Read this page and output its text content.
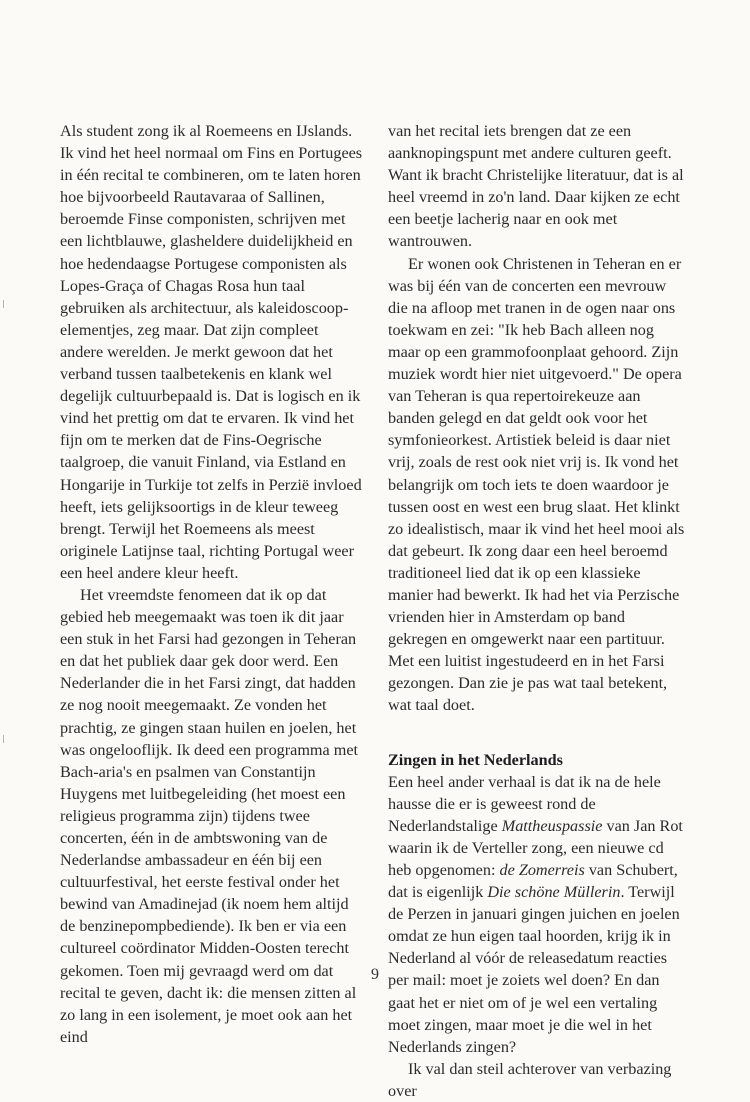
Als student zong ik al Roemeens en IJslands. Ik vind het heel normaal om Fins en Portugees in één recital te combineren, om te laten horen hoe bijvoorbeeld Rautavaraa of Sallinen, beroemde Finse componisten, schrijven met een lichtblauwe, glasheldere duidelijkheid en hoe hedendaagse Portugese componisten als Lopes-Graça of Chagas Rosa hun taal gebruiken als architectuur, als kaleidoscoop-elementjes, zeg maar. Dat zijn compleet andere werelden. Je merkt gewoon dat het verband tussen taalbetekenis en klank wel degelijk cultuurbepaald is. Dat is logisch en ik vind het prettig om dat te ervaren. Ik vind het fijn om te merken dat de Fins-Oegrische taalgroep, die vanuit Finland, via Estland en Hongarije in Turkije tot zelfs in Perzië invloed heeft, iets gelijksoortigs in de kleur teweeg brengt. Terwijl het Roemeens als meest originele Latijnse taal, richting Portugal weer een heel andere kleur heeft.

Het vreemdste fenomeen dat ik op dat gebied heb meegemaakt was toen ik dit jaar een stuk in het Farsi had gezongen in Teheran en dat het publiek daar gek door werd. Een Nederlander die in het Farsi zingt, dat hadden ze nog nooit meegemaakt. Ze vonden het prachtig, ze gingen staan huilen en joelen, het was ongelooflijk. Ik deed een programma met Bach-aria's en psalmen van Constantijn Huygens met luitbegeleiding (het moest een religieus programma zijn) tijdens twee concerten, één in de ambtswoning van de Nederlandse ambassadeur en één bij een cultuurfestival, het eerste festival onder het bewind van Amadinejad (ik noem hem altijd de benzinepompbediende). Ik ben er via een cultureel coördinator Midden-Oosten terecht gekomen. Toen mij gevraagd werd om dat recital te geven, dacht ik: die mensen zitten al zo lang in een isolement, je moet ook aan het eind

van het recital iets brengen dat ze een aanknopingspunt met andere culturen geeft. Want ik bracht Christelijke literatuur, dat is al heel vreemd in zo'n land. Daar kijken ze echt een beetje lacherig naar en ook met wantrouwen.

Er wonen ook Christenen in Teheran en er was bij één van de concerten een mevrouw die na afloop met tranen in de ogen naar ons toekwam en zei: "Ik heb Bach alleen nog maar op een grammofoonplaat gehoord. Zijn muziek wordt hier niet uitgevoerd." De opera van Teheran is qua repertoirekeuze aan banden gelegd en dat geldt ook voor het symfonieorkest. Artistiek beleid is daar niet vrij, zoals de rest ook niet vrij is. Ik vond het belangrijk om toch iets te doen waardoor je tussen oost en west een brug slaat. Het klinkt zo idealistisch, maar ik vind het heel mooi als dat gebeurt. Ik zong daar een heel beroemd traditioneel lied dat ik op een klassieke manier had bewerkt. Ik had het via Perzische vrienden hier in Amsterdam op band gekregen en omgewerkt naar een partituur. Met een luitist ingestudeerd en in het Farsi gezongen. Dan zie je pas wat taal betekent, wat taal doet.

Zingen in het Nederlands

Een heel ander verhaal is dat ik na de hele hausse die er is geweest rond de Nederlandstalige Mattheuspassie van Jan Rot waarin ik de Verteller zong, een nieuwe cd heb opgenomen: de Zomerreis van Schubert, dat is eigenlijk Die schöne Müllerin. Terwijl de Perzen in januari gingen juichen en joelen omdat ze hun eigen taal hoorden, krijg ik in Nederland al vóór de releasedatum reacties per mail: moet je zoiets wel doen? En dan gaat het er niet om of je wel een vertaling moet zingen, maar moet je die wel in het Nederlands zingen?

Ik val dan steil achterover van verbazing over

9
